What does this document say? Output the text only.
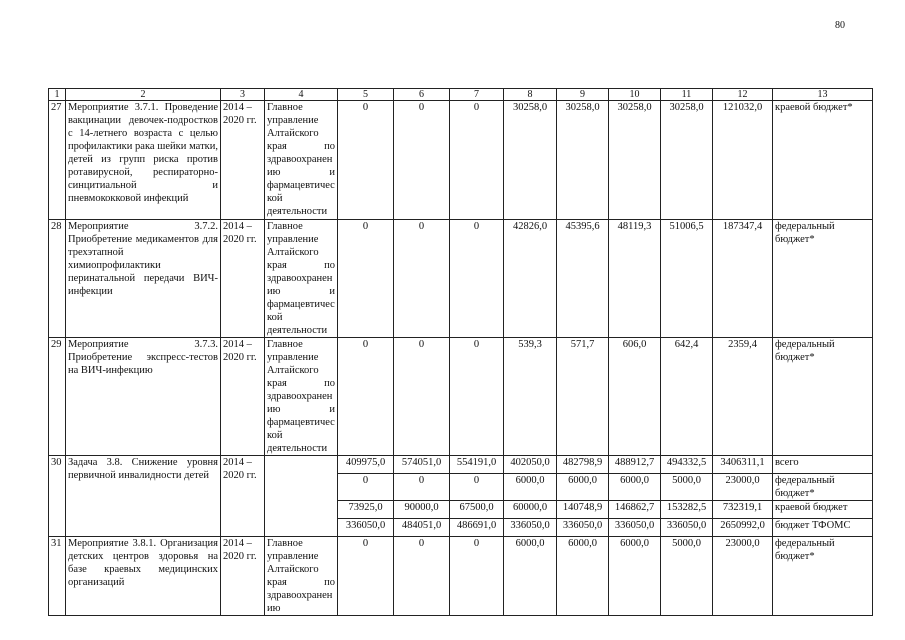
80
1	2	3	4	5	6	7	8	9	10	11	12	13
27	Мероприятие 3.7.1. Проведение вакцинации девочек-подростков с 14-летнего возраста с целью профилактики рака шейки матки, детей из групп риска против ротавирусной, респираторно-синцитиальной и пневмококковой инфекций	2014 – 2020 гг.	Главное управление Алтайского края по здравоохранению и фармацевтической деятельности	0	0	0	30258,0	30258,0	30258,0	30258,0	121032,0	краевой бюджет*
28	Мероприятие 3.7.2. Приобретение медикаментов для трехэтапной химиопрофилактики перинатальной передачи ВИЧ-инфекции	2014 – 2020 гг.	Главное управление Алтайского края по здравоохранению и фармацевтической деятельности	0	0	0	42826,0	45395,6	48119,3	51006,5	187347,4	федеральный бюджет*
29	Мероприятие 3.7.3. Приобретение экспресс-тестов на ВИЧ-инфекцию	2014 – 2020 гг.	Главное управление Алтайского края по здравоохранению и фармацевтической деятельности	0	0	0	539,3	571,7	606,0	642,4	2359,4	федеральный бюджет*
30	Задача 3.8. Снижение уровня первичной инвалидности детей	2014 – 2020 гг.		409975,0	574051,0	554191,0	402050,0	482798,9	488912,7	494332,5	3406311,1	всего
				0	0	0	6000,0	6000,0	6000,0	5000,0	23000,0	федеральный бюджет*
				73925,0	90000,0	67500,0	60000,0	140748,9	146862,7	153282,5	732319,1	краевой бюджет
				336050,0	484051,0	486691,0	336050,0	336050,0	336050,0	336050,0	2650992,0	бюджет ТФОМС
31	Мероприятие 3.8.1. Организация детских центров здоровья на базе краевых медицинских организаций	2014 – 2020 гг.	Главное управление Алтайского края по здравоохранению	0	0	0	6000,0	6000,0	6000,0	5000,0	23000,0	федеральный бюджет*
